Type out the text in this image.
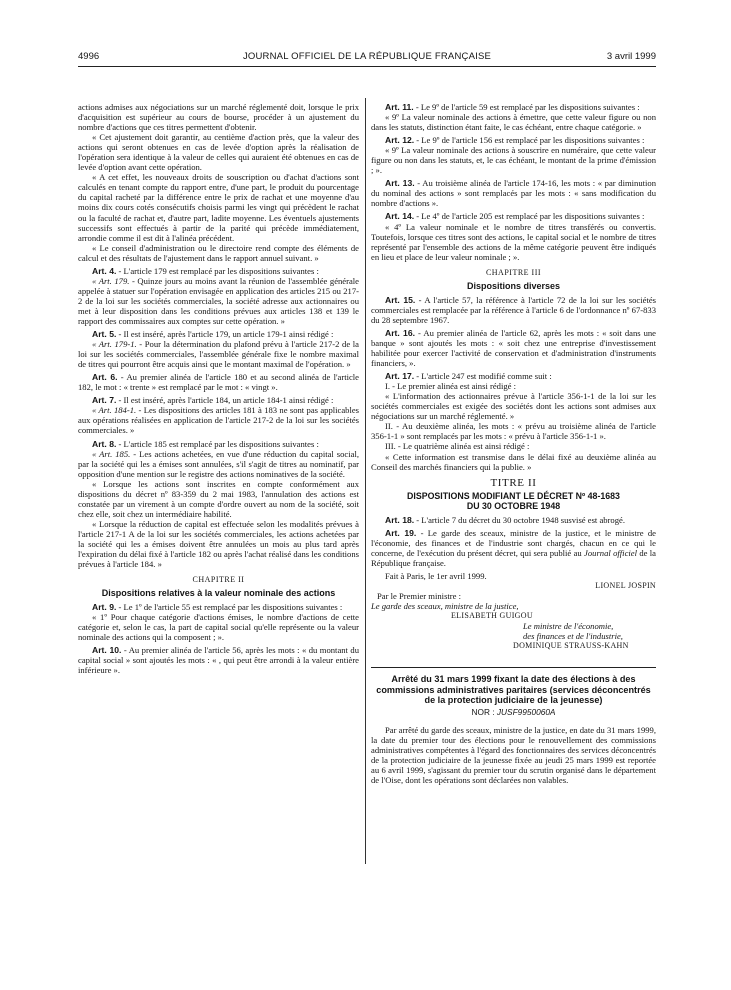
4996	JOURNAL OFFICIEL DE LA RÉPUBLIQUE FRANÇAISE	3 avril 1999

actions admises aux négociations sur un marché réglementé doit, lorsque le prix d'acquisition est supérieur au cours de bourse, procéder à un ajustement du nombre d'actions que ces titres permettent d'obtenir.

« Cet ajustement doit garantir, au centième d'action près, que la valeur des actions qui seront obtenues en cas de levée d'option après la réalisation de l'opération sera identique à la valeur de celles qui auraient été obtenues en cas de levée d'option avant cette opération.

« A cet effet, les nouveaux droits de souscription ou d'achat d'actions sont calculés en tenant compte du rapport entre, d'une part, le produit du pourcentage du capital racheté par la différence entre le prix de rachat et une moyenne d'au moins dix cours cotés consécutifs choisis parmi les vingt qui précèdent le rachat ou la faculté de rachat et, d'autre part, ladite moyenne. Les éventuels ajustements successifs sont effectués à partir de la parité qui précède immédiatement, arrondie comme il est dit à l'alinéa précédent.

« Le conseil d'administration ou le directoire rend compte des éléments de calcul et des résultats de l'ajustement dans le rapport annuel suivant. »

Art. 4. - L'article 179 est remplacé par les dispositions suivantes :

« Art. 179. - Quinze jours au moins avant la réunion de l'assemblée générale appelée à statuer sur l'opération envisagée en application des articles 215 ou 217-2 de la loi sur les sociétés commerciales, la société adresse aux actionnaires ou met à leur disposition dans les conditions prévues aux articles 138 et 139 le rapport des commissaires aux comptes sur cette opération. »

Art. 5. - Il est inséré, après l'article 179, un article 179-1 ainsi rédigé :

« Art. 179-1. - Pour la détermination du plafond prévu à l'article 217-2 de la loi sur les sociétés commerciales, l'assemblée générale fixe le nombre maximal de titres qui pourront être acquis ainsi que le montant maximal de l'opération. »

Art. 6. - Au premier alinéa de l'article 180 et au second alinéa de l'article 182, le mot : « trente » est remplacé par le mot : « vingt ».

Art. 7. - Il est inséré, après l'article 184, un article 184-1 ainsi rédigé :

« Art. 184-1. - Les dispositions des articles 181 à 183 ne sont pas applicables aux opérations réalisées en application de l'article 217-2 de la loi sur les sociétés commerciales. »

Art. 8. - L'article 185 est remplacé par les dispositions suivantes :

« Art. 185. - Les actions achetées, en vue d'une réduction du capital social, par la société qui les a émises sont annulées, s'il s'agit de titres au nominatif, par opposition d'une mention sur le registre des actions nominatives de la société.

« Lorsque les actions sont inscrites en compte conformément aux dispositions du décret nº 83-359 du 2 mai 1983, l'annulation des actions est constatée par un virement à un compte d'ordre ouvert au nom de la société, soit chez elle, soit chez un intermédiaire habilité.

« Lorsque la réduction de capital est effectuée selon les modalités prévues à l'article 217-1 A de la loi sur les sociétés commerciales, les actions achetées par la société qui les a émises doivent être annulées un mois au plus tard après l'expiration du délai fixé à l'article 182 ou après l'achat réalisé dans les conditions prévues à l'article 184. »

CHAPITRE II

Dispositions relatives à la valeur nominale des actions

Art. 9. - Le 1º de l'article 55 est remplacé par les dispositions suivantes :

« 1º Pour chaque catégorie d'actions émises, le nombre d'actions de cette catégorie et, selon le cas, la part de capital social qu'elle représente ou la valeur nominale des actions qui la composent ; ».

Art. 10. - Au premier alinéa de l'article 56, après les mots : « du montant du capital social » sont ajoutés les mots : « , qui peut être arrondi à la valeur entière inférieure ».

Art. 11. - Le 9º de l'article 59 est remplacé par les dispositions suivantes :

« 9º La valeur nominale des actions à émettre, que cette valeur figure ou non dans les statuts, distinction étant faite, le cas échéant, entre chaque catégorie. »

Art. 12. - Le 9º de l'article 156 est remplacé par les dispositions suivantes :

« 9º La valeur nominale des actions à souscrire en numéraire, que cette valeur figure ou non dans les statuts, et, le cas échéant, le montant de la prime d'émission ; ».

Art. 13. - Au troisième alinéa de l'article 174-16, les mots : « par diminution du nominal des actions » sont remplacés par les mots : « sans modification du nombre d'actions ».

Art. 14. - Le 4º de l'article 205 est remplacé par les dispositions suivantes :

« 4º La valeur nominale et le nombre de titres transférés ou convertis. Toutefois, lorsque ces titres sont des actions, le capital social et le nombre de titres représenté par l'ensemble des actions de la même catégorie peuvent être indiqués en lieu et place de leur valeur nominale ; ».

CHAPITRE III

Dispositions diverses

Art. 15. - A l'article 57, la référence à l'article 72 de la loi sur les sociétés commerciales est remplacée par la référence à l'article 6 de l'ordonnance nº 67-833 du 28 septembre 1967.

Art. 16. - Au premier alinéa de l'article 62, après les mots : « soit dans une banque » sont ajoutés les mots : « soit chez une entreprise d'investissement habilitée pour exercer l'activité de conservation et d'administration d'instruments financiers, ».

Art. 17. - L'article 247 est modifié comme suit :

I. - Le premier alinéa est ainsi rédigé :

« L'information des actionnaires prévue à l'article 356-1-1 de la loi sur les sociétés commerciales est exigée des sociétés dont les actions sont admises aux négociations sur un marché réglementé. »

II. - Au deuxième alinéa, les mots : « prévu au troisième alinéa de l'article 356-1-1 » sont remplacés par les mots : « prévu à l'article 356-1-1 ».

III. - Le quatrième alinéa est ainsi rédigé :

« Cette information est transmise dans le délai fixé au deuxième alinéa au Conseil des marchés financiers qui la publie. »

TITRE II

DISPOSITIONS MODIFIANT LE DÉCRET Nº 48-1683
DU 30 OCTOBRE 1948

Art. 18. - L'article 7 du décret du 30 octobre 1948 susvisé est abrogé.

Art. 19. - Le garde des sceaux, ministre de la justice, et le ministre de l'économie, des finances et de l'industrie sont chargés, chacun en ce qui le concerne, de l'exécution du présent décret, qui sera publié au Journal officiel de la République française.

Fait à Paris, le 1er avril 1999.

LIONEL JOSPIN

Par le Premier ministre :

Le garde des sceaux, ministre de la justice,

ELISABETH GUIGOU

Le ministre de l'économie,

des finances et de l'industrie,

DOMINIQUE STRAUSS-KAHN

Arrêté du 31 mars 1999 fixant la date des élections à des commissions administratives paritaires (services déconcentrés de la protection judiciaire de la jeunesse)

NOR : JUSF9950060A

Par arrêté du garde des sceaux, ministre de la justice, en date du 31 mars 1999, la date du premier tour des élections pour le renouvellement des commissions administratives compétentes à l'égard des fonctionnaires des services déconcentrés de la protection judiciaire de la jeunesse fixée au jeudi 25 mars 1999 est reportée au 6 avril 1999, s'agissant du premier tour du scrutin organisé dans le département de l'Oise, dont les opérations sont déclarées non valables.
